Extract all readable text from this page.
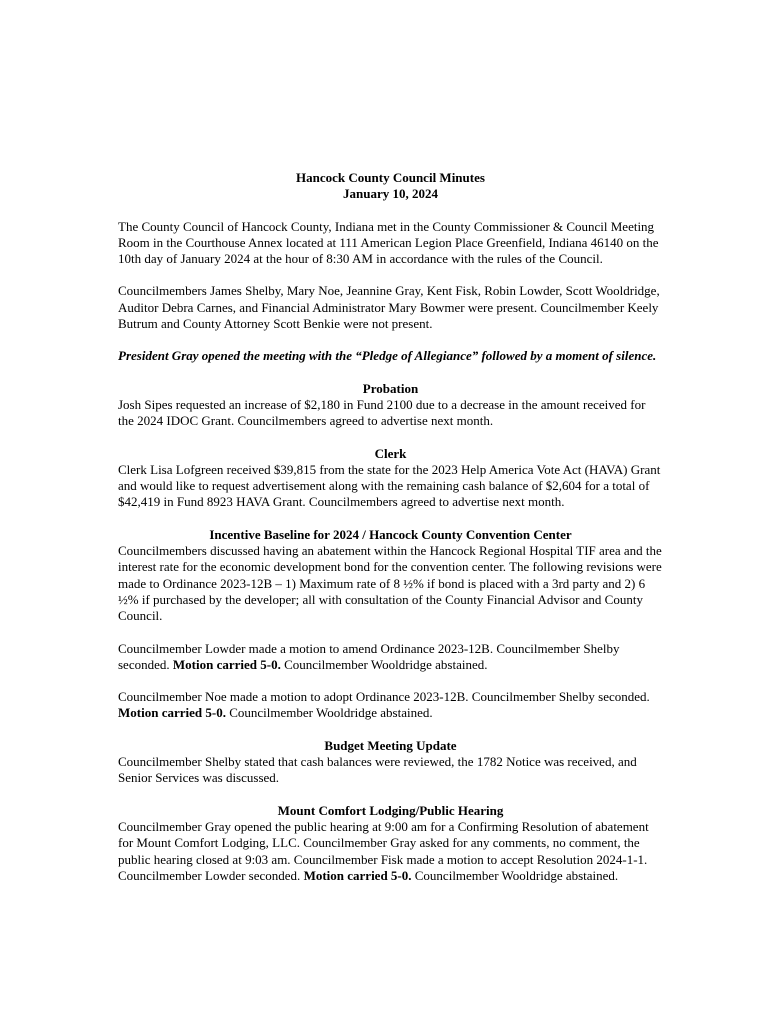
Hancock County Council Minutes
January 10, 2024

The County Council of Hancock County, Indiana met in the County Commissioner & Council Meeting Room in the Courthouse Annex located at 111 American Legion Place Greenfield, Indiana 46140 on the 10th day of January 2024 at the hour of 8:30 AM in accordance with the rules of the Council.

Councilmembers James Shelby, Mary Noe, Jeannine Gray, Kent Fisk, Robin Lowder, Scott Wooldridge, Auditor Debra Carnes, and Financial Administrator Mary Bowmer were present. Councilmember Keely Butrum and County Attorney Scott Benkie were not present.

President Gray opened the meeting with the “Pledge of Allegiance” followed by a moment of silence.

Probation

Josh Sipes requested an increase of $2,180 in Fund 2100 due to a decrease in the amount received for the 2024 IDOC Grant. Councilmembers agreed to advertise next month.

Clerk

Clerk Lisa Lofgreen received $39,815 from the state for the 2023 Help America Vote Act (HAVA) Grant and would like to request advertisement along with the remaining cash balance of $2,604 for a total of $42,419 in Fund 8923 HAVA Grant. Councilmembers agreed to advertise next month.

Incentive Baseline for 2024 / Hancock County Convention Center

Councilmembers discussed having an abatement within the Hancock Regional Hospital TIF area and the interest rate for the economic development bond for the convention center. The following revisions were made to Ordinance 2023-12B – 1) Maximum rate of 8 ½% if bond is placed with a 3rd party and 2) 6 ½% if purchased by the developer; all with consultation of the County Financial Advisor and County Council.

Councilmember Lowder made a motion to amend Ordinance 2023-12B. Councilmember Shelby seconded. Motion carried 5-0. Councilmember Wooldridge abstained.

Councilmember Noe made a motion to adopt Ordinance 2023-12B. Councilmember Shelby seconded. Motion carried 5-0. Councilmember Wooldridge abstained.

Budget Meeting Update

Councilmember Shelby stated that cash balances were reviewed, the 1782 Notice was received, and Senior Services was discussed.

Mount Comfort Lodging/Public Hearing

Councilmember Gray opened the public hearing at 9:00 am for a Confirming Resolution of abatement for Mount Comfort Lodging, LLC. Councilmember Gray asked for any comments, no comment, the public hearing closed at 9:03 am. Councilmember Fisk made a motion to accept Resolution 2024-1-1. Councilmember Lowder seconded. Motion carried 5-0. Councilmember Wooldridge abstained.
